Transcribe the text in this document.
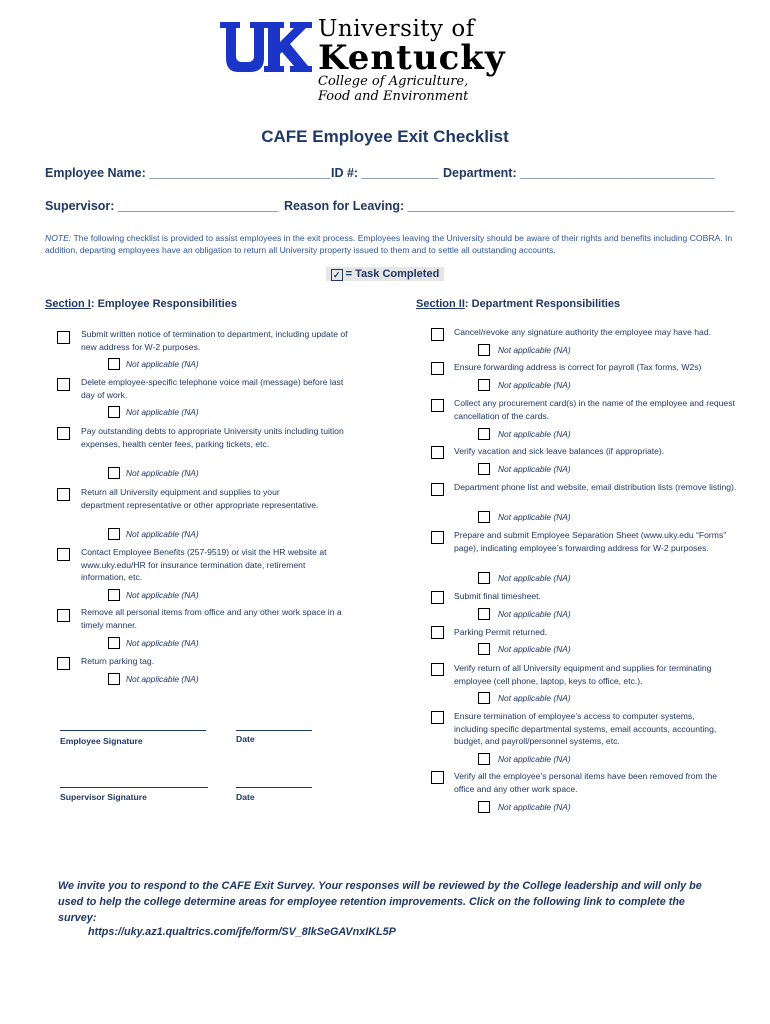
University of
Kentucky
College of Agriculture,
Food and Environment
CAFE Employee Exit Checklist
Employee Name: __________________________ ID #: ___________ Department: ____________________________
Supervisor: _______________________ Reason for Leaving: _______________________________________________
NOTE: The following checklist is provided to assist employees in the exit process. Employees leaving the University should be aware of their rights and benefits including COBRA. In addition, departing employees have an obligation to return all University property issued to them and to settle all outstanding accounts.
✓ = Task Completed
Section I: Employee Responsibilities	Section II: Department Responsibilities
Submit written notice of termination to department, including update of new address for W-2 purposes.
Not applicable (NA)
Delete employee-specific telephone voice mail (message) before last day of work.
Not applicable (NA)
Pay outstanding debts to appropriate University units including tuition expenses, health center fees, parking tickets, etc.
Not applicable (NA)
Return all University equipment and supplies to your department representative or other appropriate representative.
Not applicable (NA)
Contact Employee Benefits (257-9519) or visit the HR website at www.uky.edu/HR for insurance termination date, retirement information, etc.
Not applicable (NA)
Remove all personal items from office and any other work space in a timely manner.
Not applicable (NA)
Return parking tag.
Not applicable (NA)
Employee Signature	Date
Supervisor Signature	Date
Cancel/revoke any signature authority the employee may have had.
Not applicable (NA)
Ensure forwarding address is correct for payroll (Tax forms, W2s)
Not applicable (NA)
Collect any procurement card(s) in the name of the employee and request cancellation of the cards.
Not applicable (NA)
Verify vacation and sick leave balances (if appropriate).
Not applicable (NA)
Department phone list and website, email distribution lists (remove listing).
Not applicable (NA)
Prepare and submit Employee Separation Sheet (www.uky.edu “Forms” page), indicating employee’s forwarding address for W-2 purposes.
Not applicable (NA)
Submit final timesheet.
Not applicable (NA)
Parking Permit returned.
Not applicable (NA)
Verify return of all University equipment and supplies for terminating employee (cell phone, laptop, keys to office, etc.).
Not applicable (NA)
Ensure termination of employee’s access to computer systems, including specific departmental systems, email accounts, accounting, budget, and payroll/personnel systems, etc.
Not applicable (NA)
Verify all the employee’s personal items have been removed from the office and any other work space.
Not applicable (NA)
We invite you to respond to the CAFE Exit Survey. Your responses will be reviewed by the College leadership and will only be used to help the college determine areas for employee retention improvements. Click on the following link to complete the survey:
https://uky.az1.qualtrics.com/jfe/form/SV_8lkSeGAVnxIKL5P
